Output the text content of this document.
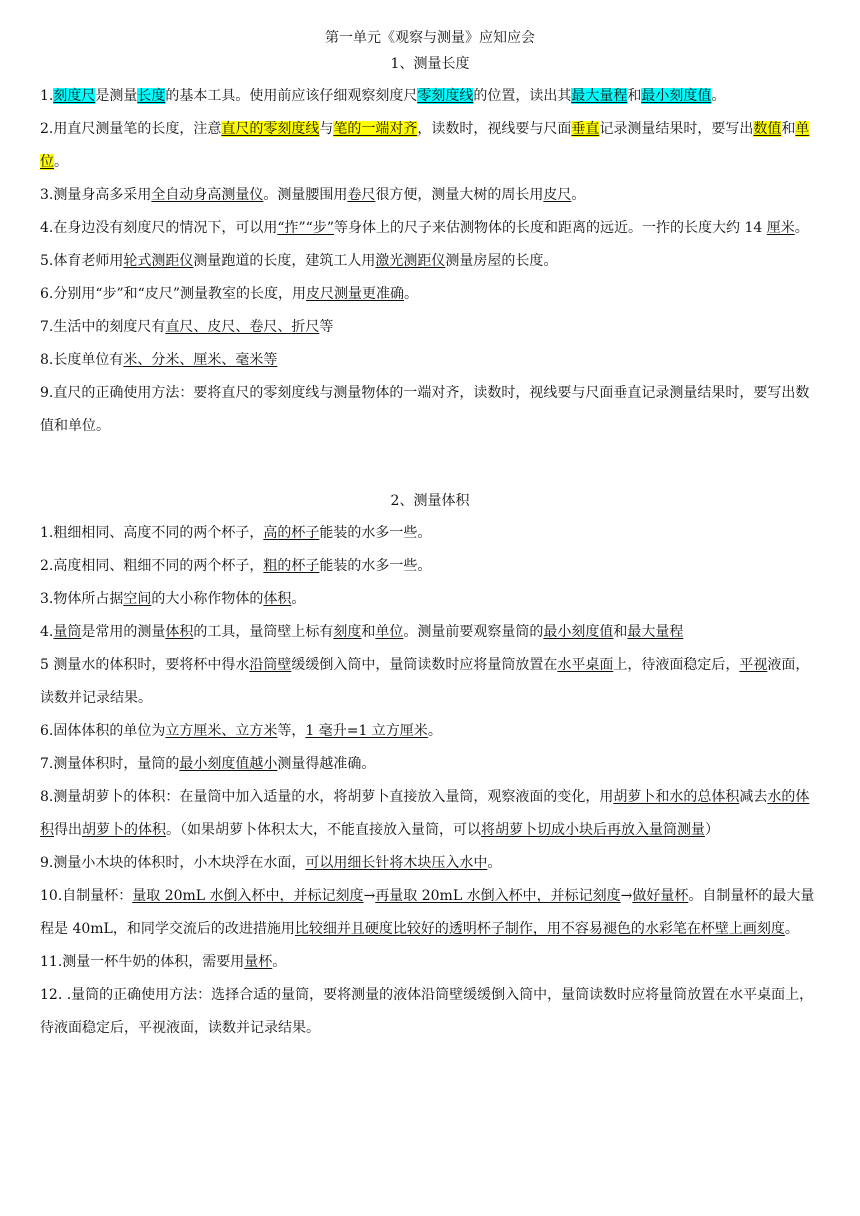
第一单元《观察与测量》应知应会
1、测量长度

1.刻度尺是测量长度的基本工具。使用前应该仔细观察刻度尺零刻度线的位置，读出其最大量程和最小刻度值。

2.用直尺测量笔的长度，注意直尺的零刻度线与笔的一端对齐，读数时，视线要与尺面垂直记录测量结果时，要写出数值和单位。

3.测量身高多采用全自动身高测量仪。测量腰围用卷尺很方便，测量大树的周长用皮尺。

4.在身边没有刻度尺的情况下，可以用“拃”“步”等身体上的尺子来估测物体的长度和距离的远近。一拃的长度大约 14 厘米。

5.体育老师用轮式测距仪测量跑道的长度，建筑工人用激光测距仪测量房屋的长度。

6.分别用“步”和“皮尺”测量教室的长度，用皮尺测量更准确。

7.生活中的刻度尺有直尺、皮尺、卷尺、折尺等

8.长度单位有米、分米、厘米、毫米等

9.直尺的正确使用方法：要将直尺的零刻度线与测量物体的一端对齐，读数时，视线要与尺面垂直记录测量结果时，要写出数值和单位。

2、测量体积

1.粗细相同、高度不同的两个杯子，高的杯子能装的水多一些。

2.高度相同、粗细不同的两个杯子，粗的杯子能装的水多一些。

3.物体所占据空间的大小称作物体的体积。

4.量筒是常用的测量体积的工具，量筒壁上标有刻度和单位。测量前要观察量筒的最小刻度值和最大量程

5 测量水的体积时，要将杯中得水沿筒壁缓缓倒入筒中，量筒读数时应将量筒放置在水平桌面上，待液面稳定后，平视液面，读数并记录结果。

6.固体体积的单位为立方厘米、立方米等，1 毫升=1 立方厘米。

7.测量体积时，量筒的最小刻度值越小测量得越准确。

8.测量胡萝卜的体积：在量筒中加入适量的水，将胡萝卜直接放入量筒，观察液面的变化，用胡萝卜和水的总体积减去水的体积得出胡萝卜的体积。（如果胡萝卜体积太大，不能直接放入量筒，可以将胡萝卜切成小块后再放入量筒测量）

9.测量小木块的体积时，小木块浮在水面，可以用细长针将木块压入水中。

10.自制量杯：量取 20mL 水倒入杯中，并标记刻度→再量取 20mL 水倒入杯中，并标记刻度→做好量杯。自制量杯的最大量程是 40mL，和同学交流后的改进措施用比较细并且硬度比较好的透明杯子制作，用不容易褪色的水彩笔在杯壁上画刻度。

11.测量一杯牛奶的体积，需要用量杯。

12. .量筒的正确使用方法：选择合适的量筒，要将测量的液体沿筒壁缓缓倒入筒中，量筒读数时应将量筒放置在水平桌面上，待液面稳定后，平视液面，读数并记录结果。
